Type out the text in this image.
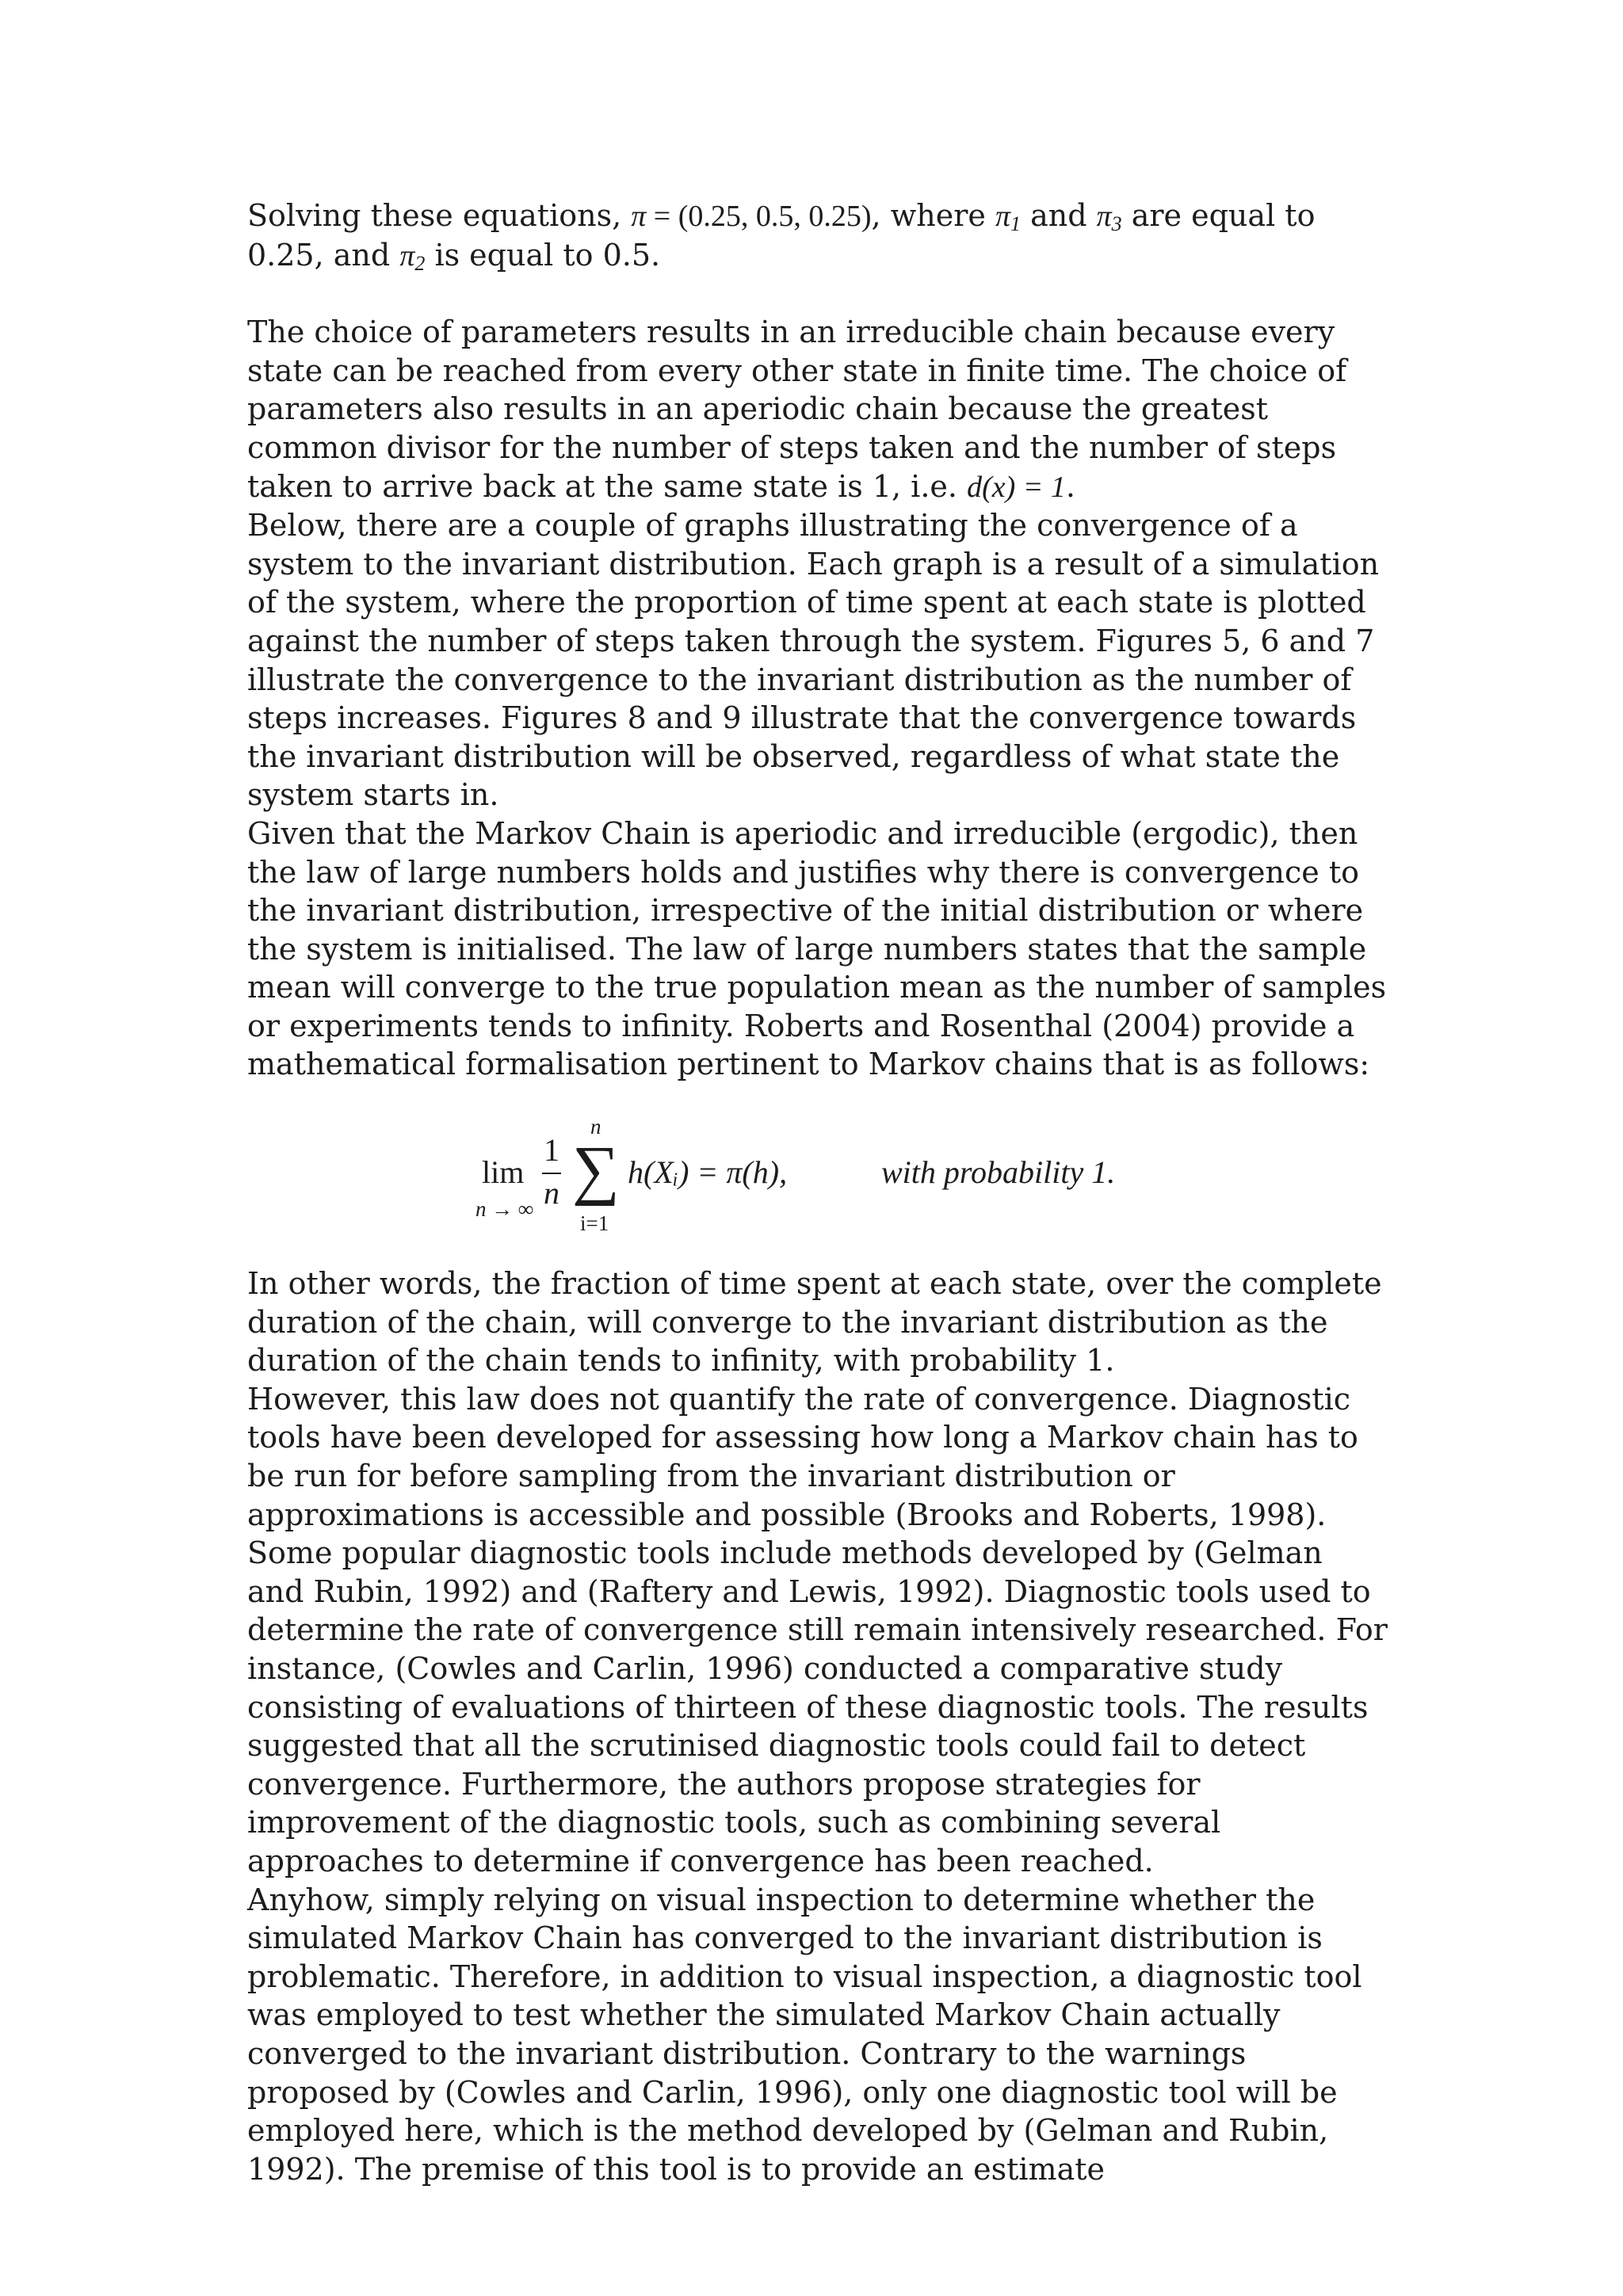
Solving these equations, π = (0.25, 0.5, 0.25), where $\pi_1$ and $\pi_3$ are equal to 0.25, and $\pi_2$ is equal to 0.5.

The choice of parameters results in an irreducible chain because every state can be reached from every other state in finite time. The choice of parameters also results in an aperiodic chain because the greatest common divisor for the number of steps taken and the number of steps taken to arrive back at the same state is 1, i.e. d(x) = 1.

Below, there are a couple of graphs illustrating the convergence of a system to the invariant distribution. Each graph is a result of a simulation of the system, where the proportion of time spent at each state is plotted against the number of steps taken through the system. Figures 5, 6 and 7 illustrate the convergence to the invariant distribution as the number of steps increases. Figures 8 and 9 illustrate that the convergence towards the invariant distribution will be observed, regardless of what state the system starts in.

Given that the Markov Chain is aperiodic and irreducible (ergodic), then the law of large numbers holds and justifies why there is convergence to the invariant distribution, irrespective of the initial distribution or where the system is initialised. The law of large numbers states that the sample mean will converge to the true population mean as the number of samples or experiments tends to infinity. Roberts and Rosenthal (2004) provide a mathematical formalisation pertinent to Markov chains that is as follows:

lim
n → ∞
1
n
n
∑
i=1
h(Xᵢ) = π(h),	with probability 1.

In other words, the fraction of time spent at each state, over the complete duration of the chain, will converge to the invariant distribution as the duration of the chain tends to infinity, with probability 1.

However, this law does not quantify the rate of convergence. Diagnostic tools have been developed for assessing how long a Markov chain has to be run for before sampling from the invariant distribution or approximations is accessible and possible (Brooks and Roberts, 1998). Some popular diagnostic tools include methods developed by (Gelman and Rubin, 1992) and (Raftery and Lewis, 1992). Diagnostic tools used to determine the rate of convergence still remain intensively researched. For instance, (Cowles and Carlin, 1996) conducted a comparative study consisting of evaluations of thirteen of these diagnostic tools. The results suggested that all the scrutinised diagnostic tools could fail to detect convergence. Furthermore, the authors propose strategies for improvement of the diagnostic tools, such as combining several approaches to determine if convergence has been reached.

Anyhow, simply relying on visual inspection to determine whether the simulated Markov Chain has converged to the invariant distribution is problematic. Therefore, in addition to visual inspection, a diagnostic tool was employed to test whether the simulated Markov Chain actually converged to the invariant distribution. Contrary to the warnings proposed by (Cowles and Carlin, 1996), only one diagnostic tool will be employed here, which is the method developed by (Gelman and Rubin, 1992). The premise of this tool is to provide an estimate
